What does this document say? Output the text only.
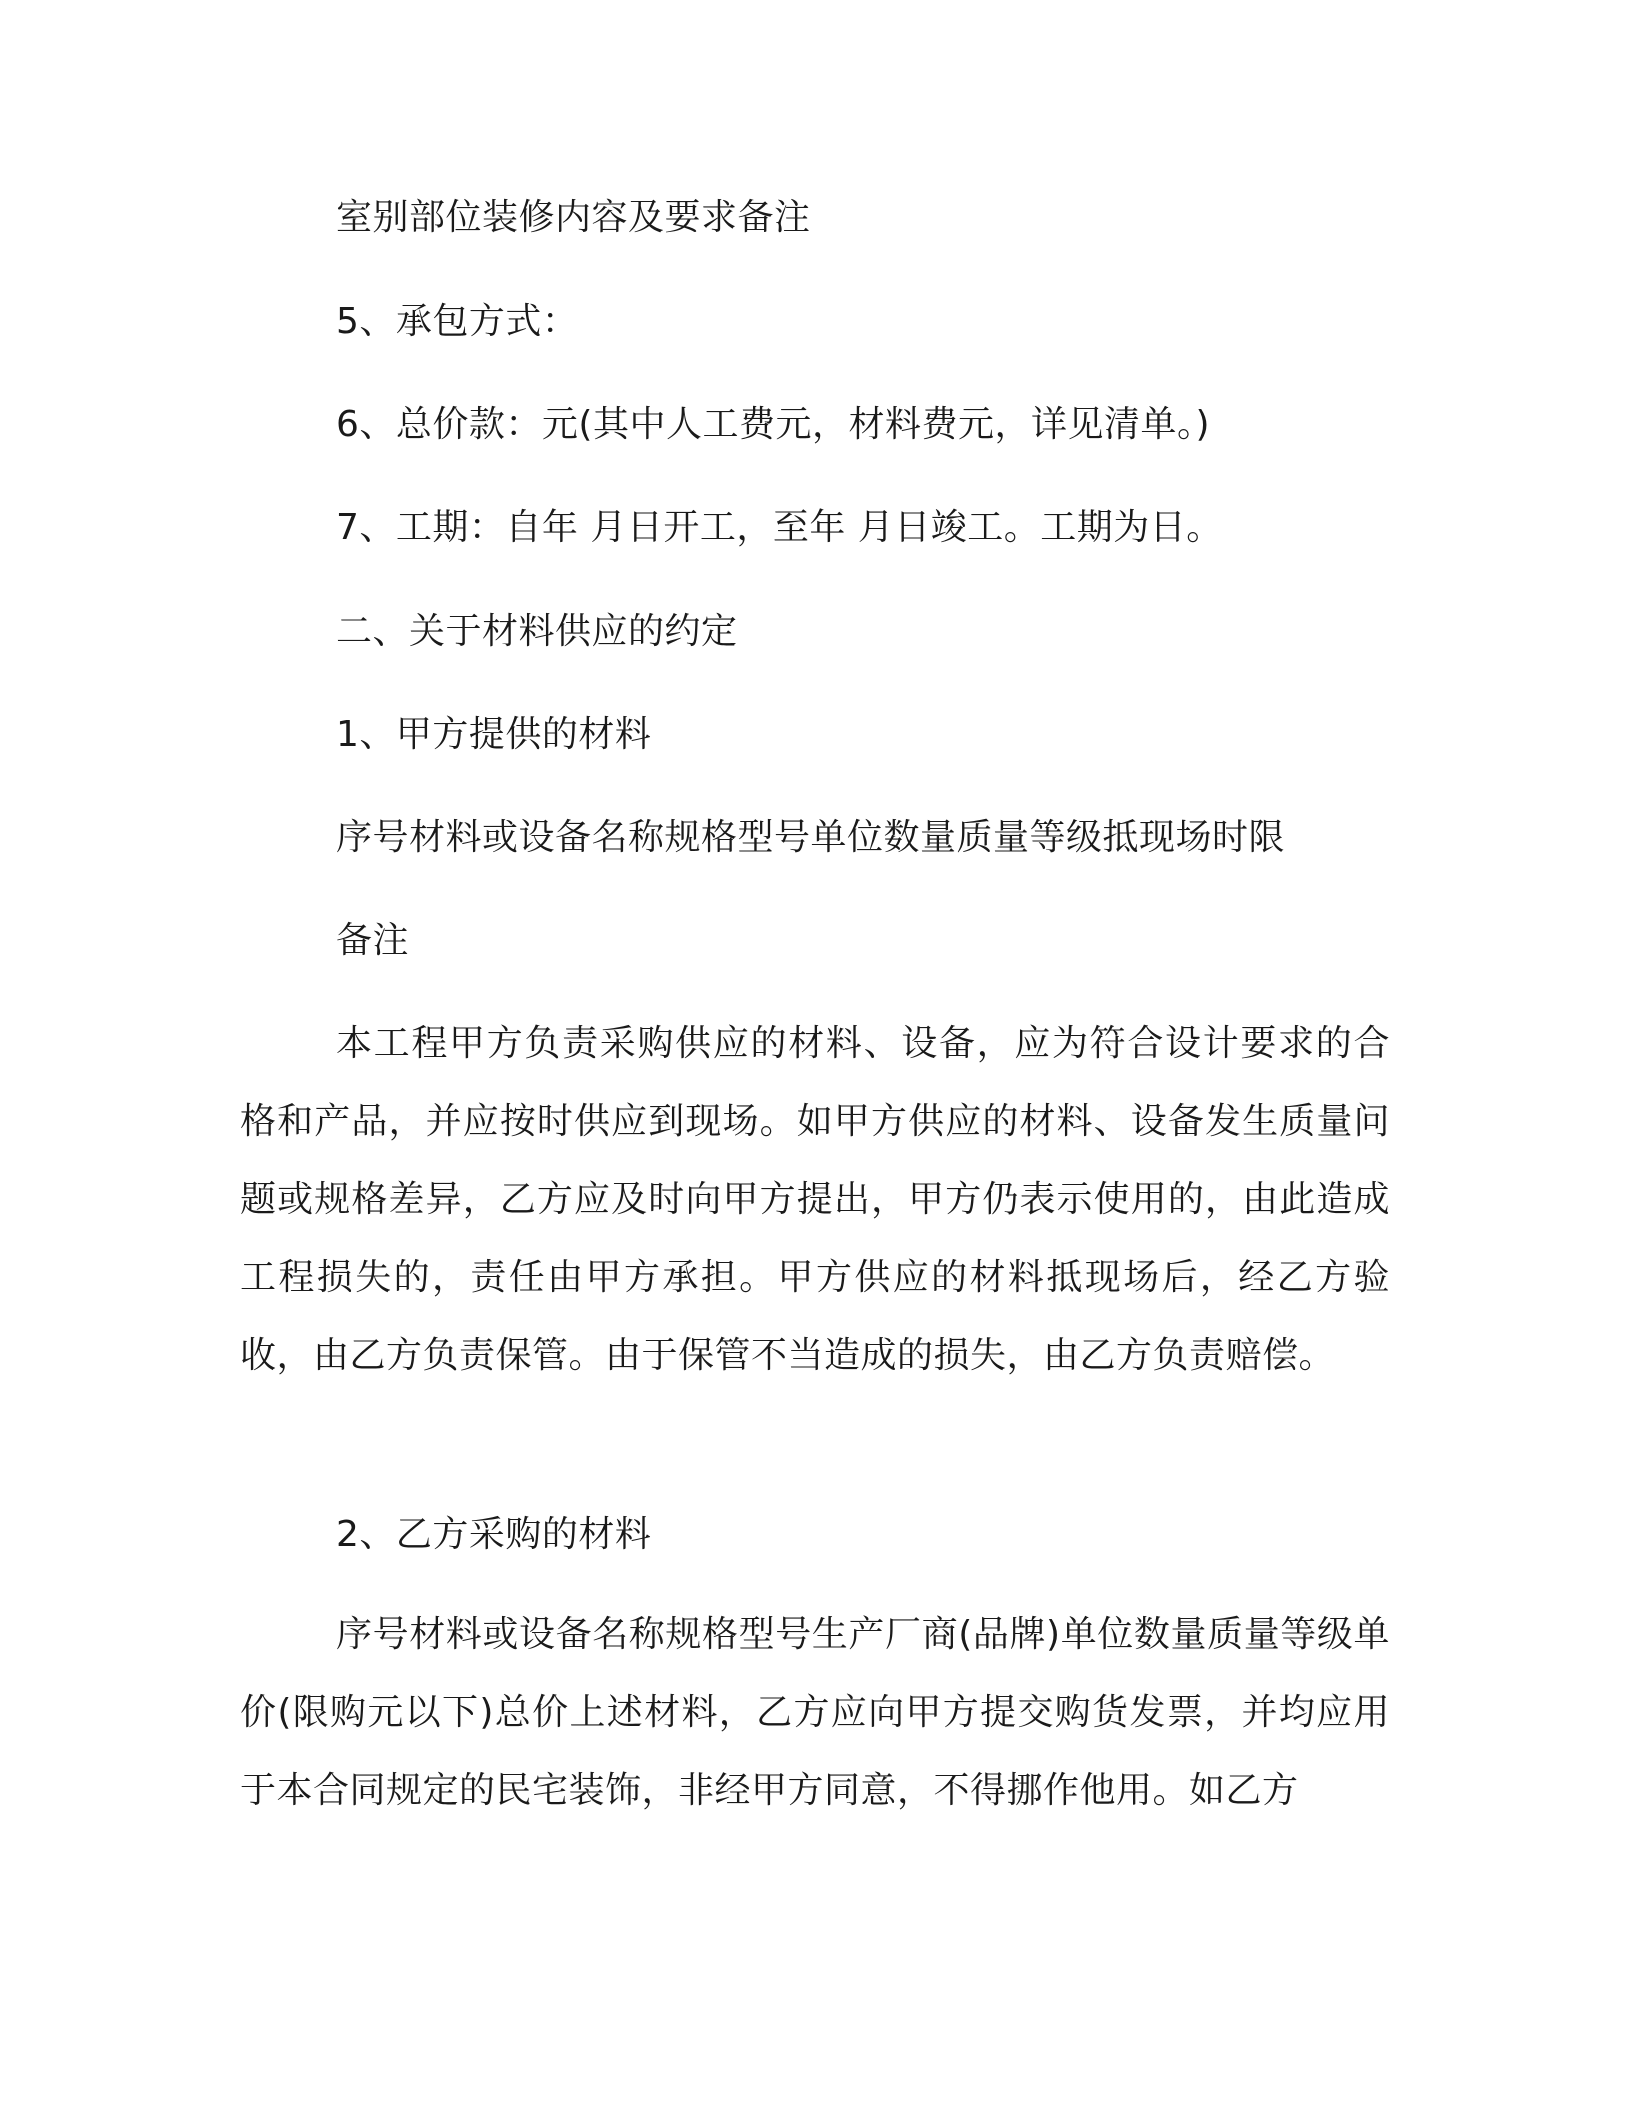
室别部位装修内容及要求备注
5、承包方式：
6、总价款：元(其中人工费元，材料费元，详见清单。)
7、工期：自年 月日开工，至年 月日竣工。工期为日。
二、关于材料供应的约定
1、甲方提供的材料
序号材料或设备名称规格型号单位数量质量等级抵现场时限
备注
本工程甲方负责采购供应的材料、设备，应为符合设计要求的合格和产品，并应按时供应到现场。如甲方供应的材料、设备发生质量问题或规格差异，乙方应及时向甲方提出，甲方仍表示使用的，由此造成工程损失的，责任由甲方承担。甲方供应的材料抵现场后，经乙方验收，由乙方负责保管。由于保管不当造成的损失，由乙方负责赔偿。
2、乙方采购的材料
序号材料或设备名称规格型号生产厂商(品牌)单位数量质量等级单价(限购元以下)总价上述材料，乙方应向甲方提交购货发票，并均应用于本合同规定的民宅装饰，非经甲方同意，不得挪作他用。如乙方
